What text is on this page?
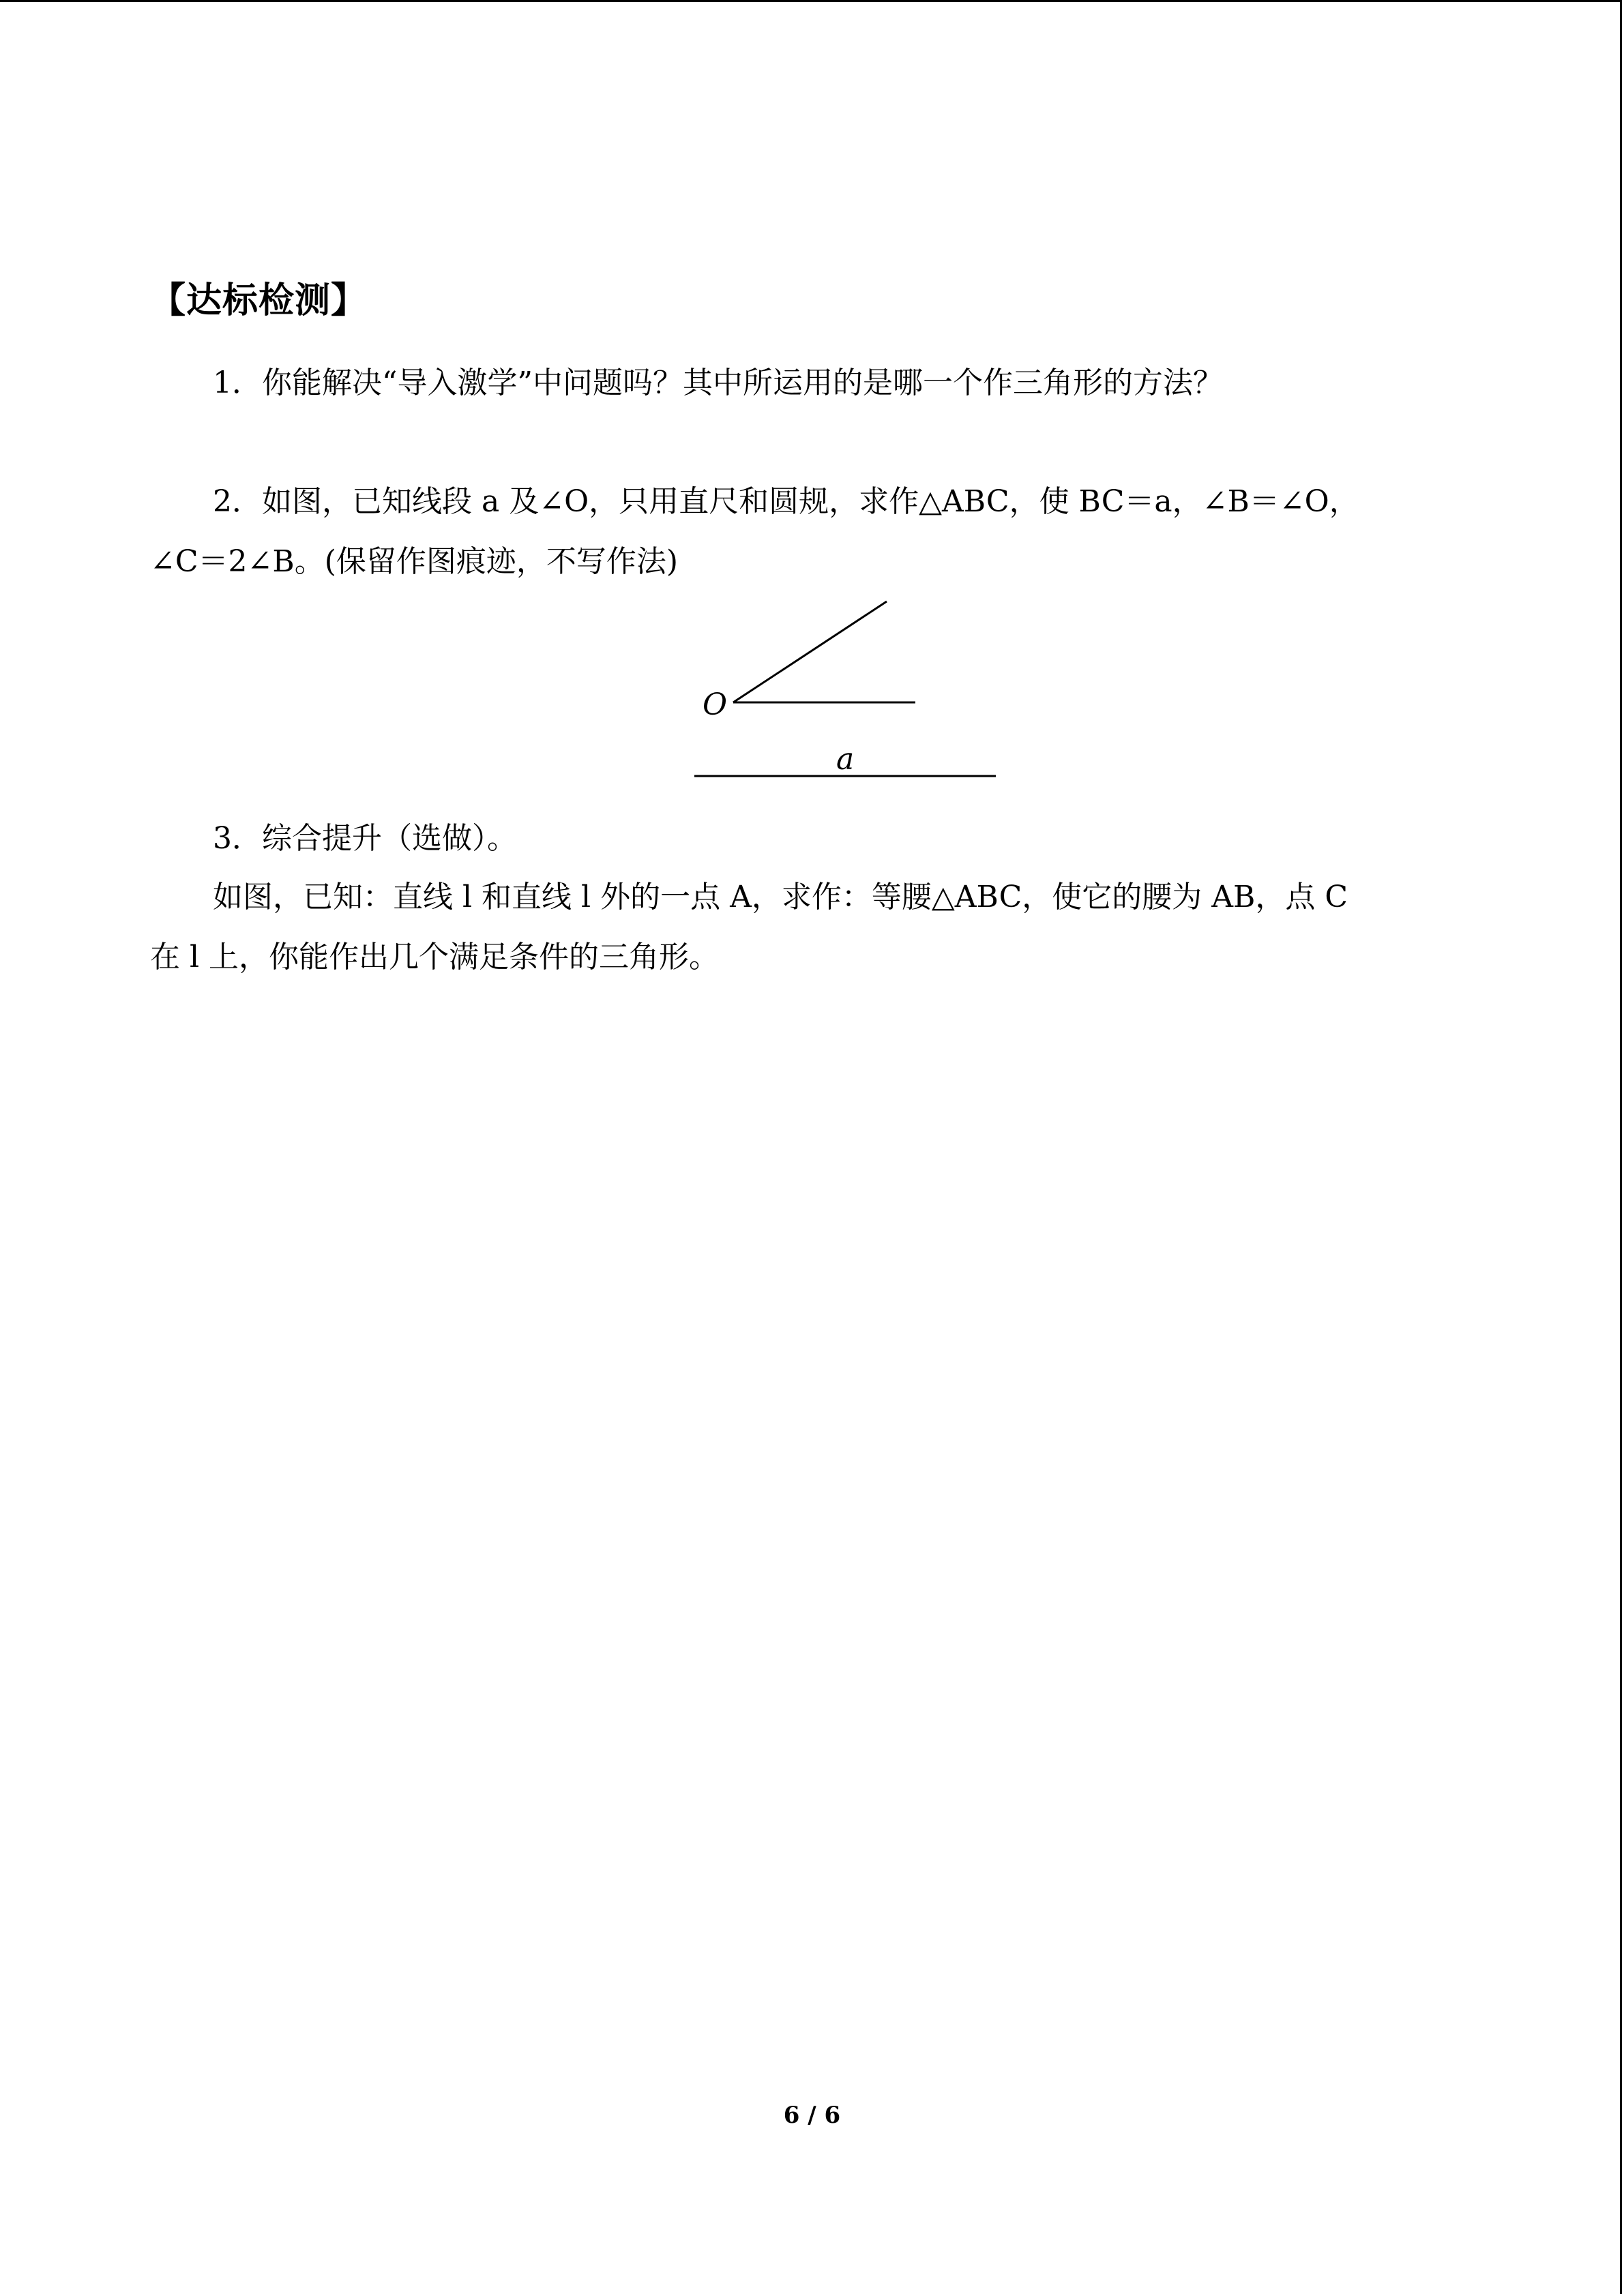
【达标检测】
1．你能解决“导入激学”中问题吗？其中所运用的是哪一个作三角形的方法？
2．如图，已知线段 a 及∠O，只用直尺和圆规，求作△ABC，使 BC＝a，∠B＝∠O，
∠C＝2∠B。(保留作图痕迹，不写作法)
O
a
3．综合提升（选做）。
如图，已知：直线 l 和直线 l 外的一点 A，求作：等腰△ABC，使它的腰为 AB，点 C
在 l 上，你能作出几个满足条件的三角形。
6 / 6
